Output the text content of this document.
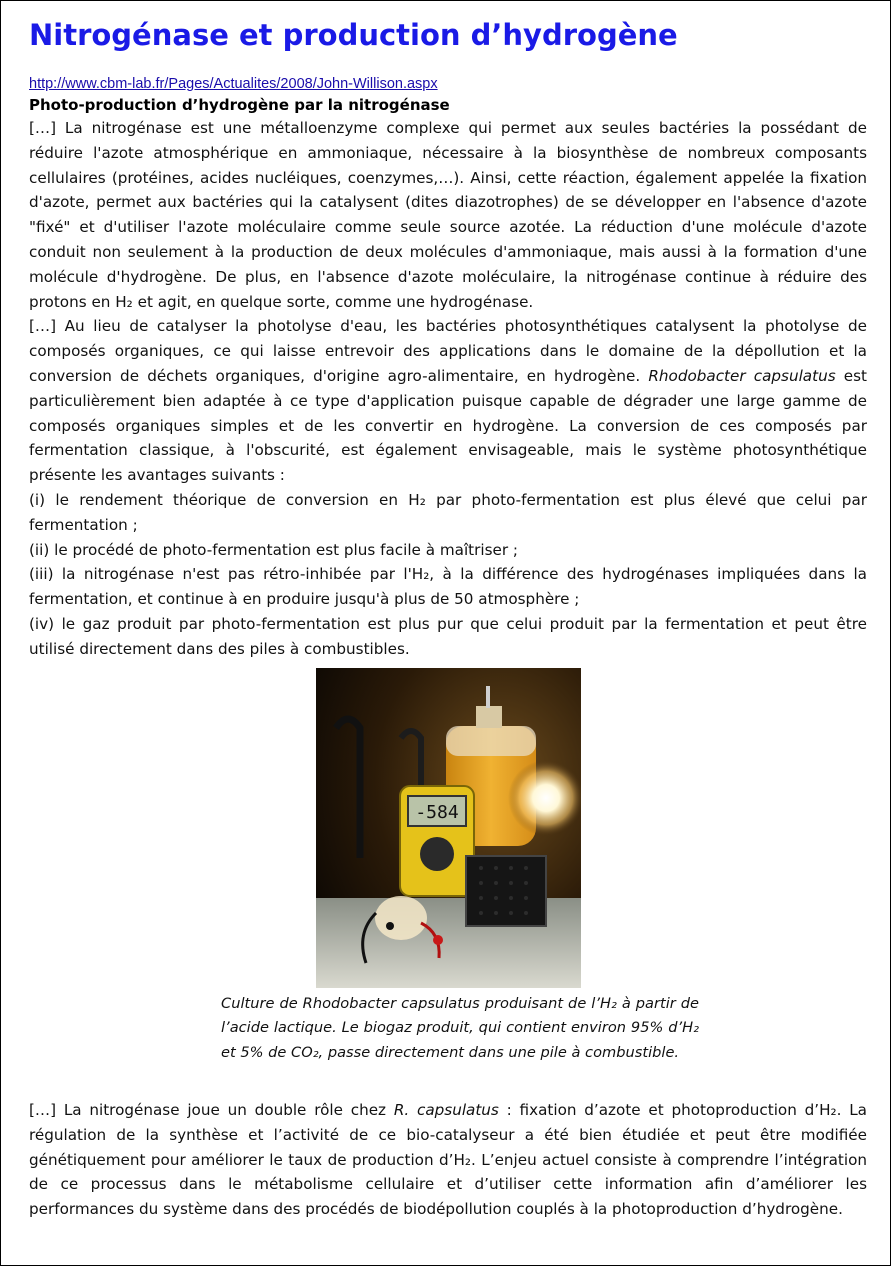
Nitrogénase et production d’hydrogène
http://www.cbm-lab.fr/Pages/Actualites/2008/John-Willison.aspx
Photo-production d’hydrogène par la nitrogénase

[…] La nitrogénase est une métalloenzyme complexe qui permet aux seules bactéries la possédant de réduire l'azote atmosphérique en ammoniaque, nécessaire à la biosynthèse de nombreux composants cellulaires (protéines, acides nucléiques, coenzymes,…). Ainsi, cette réaction, également appelée la fixation d'azote, permet aux bactéries qui la catalysent (dites diazotrophes) de se développer en l'absence d'azote "fixé" et d'utiliser l'azote moléculaire comme seule source azotée. La réduction d'une molécule d'azote conduit non seulement à la production de deux molécules d'ammoniaque, mais aussi à la formation d'une molécule d'hydrogène. De plus, en l'absence d'azote moléculaire, la nitrogénase continue à réduire des protons en H₂ et agit, en quelque sorte, comme une hydrogénase.

[…] Au lieu de catalyser la photolyse d'eau, les bactéries photosynthétiques catalysent la photolyse de composés organiques, ce qui laisse entrevoir des applications dans le domaine de la dépollution et la conversion de déchets organiques, d'origine agro-alimentaire, en hydrogène. Rhodobacter capsulatus est particulièrement bien adaptée à ce type d'application puisque capable de dégrader une large gamme de composés organiques simples et de les convertir en hydrogène. La conversion de ces composés par fermentation classique, à l'obscurité, est également envisageable, mais le système photosynthétique présente les avantages suivants :

(i) le rendement théorique de conversion en H₂ par photo-fermentation est plus élevé que celui par fermentation ;

(ii) le procédé de photo-fermentation est plus facile à maîtriser ;

(iii) la nitrogénase n'est pas rétro-inhibée par l'H₂, à la différence des hydrogénases impliquées dans la fermentation, et continue à en produire jusqu'à plus de 50 atmosphère ;

(iv) le gaz produit par photo-fermentation est plus pur que celui produit par la fermentation et peut être utilisé directement dans des piles à combustibles.

-584
Culture de Rhodobacter capsulatus produisant de l’H₂ à partir de l’acide lactique. Le biogaz produit, qui contient environ 95% d’H₂ et 5% de CO₂, passe directement dans une pile à combustible.

[…] La nitrogénase joue un double rôle chez R. capsulatus : fixation d’azote et photoproduction d’H₂. La régulation de la synthèse et l’activité de ce bio-catalyseur a été bien étudiée et peut être modifiée génétiquement pour améliorer le taux de production d’H₂. L’enjeu actuel consiste à comprendre l’intégration de ce processus dans le métabolisme cellulaire et d’utiliser cette information afin d’améliorer les performances du système dans des procédés de biodépollution couplés à la photoproduction d’hydrogène.
